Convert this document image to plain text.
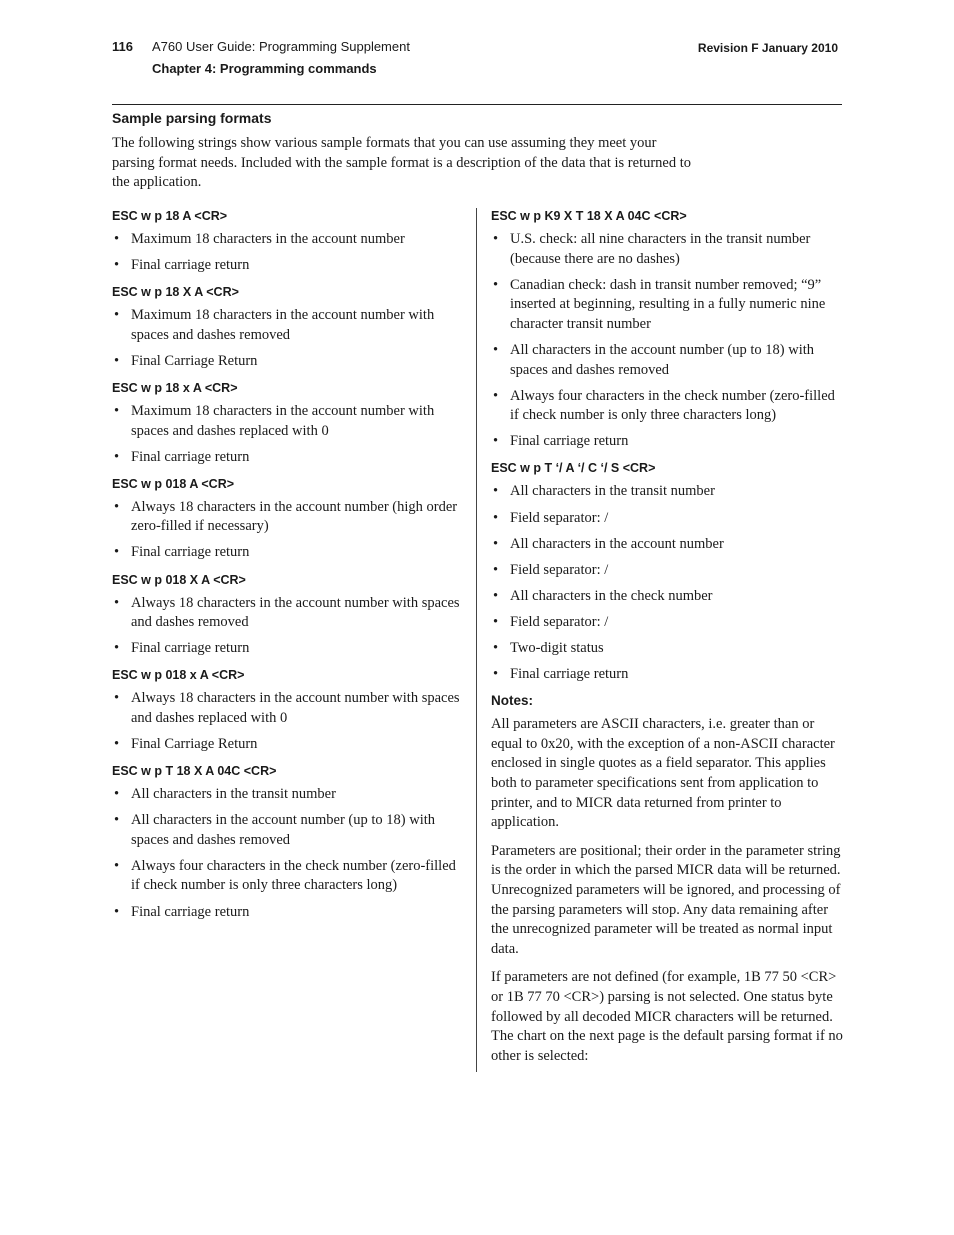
116 A760 User Guide: Programming Supplement
Chapter 4: Programming commands
Revision F January 2010
Sample parsing formats

The following strings show various sample formats that you can use assuming they meet your parsing format needs. Included with the sample format is a description of the data that is returned to the application.

ESC w p 18 A <CR>
• Maximum 18 characters in the account number
• Final carriage return
ESC w p 18 X A <CR>
• Maximum 18 characters in the account number with spaces and dashes removed
• Final Carriage Return
ESC w p 18 x A <CR>
• Maximum 18 characters in the account number with spaces and dashes replaced with 0
• Final carriage return
ESC w p 018 A <CR>
• Always 18 characters in the account number (high order zero-filled if necessary)
• Final carriage return
ESC w p 018 X A <CR>
• Always 18 characters in the account number with spaces and dashes removed
• Final carriage return
ESC w p 018 x A <CR>
• Always 18 characters in the account number with spaces and dashes replaced with 0
• Final Carriage Return
ESC w p T 18 X A 04C <CR>
• All characters in the transit number
• All characters in the account number (up to 18) with spaces and dashes removed
• Always four characters in the check number (zero-filled if check number is only three characters long)
• Final carriage return
ESC w p K9 X T 18 X A 04C <CR>
• U.S. check: all nine characters in the transit number (because there are no dashes)
• Canadian check: dash in transit number removed; “9” inserted at beginning, resulting in a fully numeric nine character transit number
• All characters in the account number (up to 18) with spaces and dashes removed
• Always four characters in the check number (zero-filled if check number is only three characters long)
• Final carriage return
ESC w p T ‘/ A ‘/ C ‘/ S <CR>
• All characters in the transit number
• Field separator: /
• All characters in the account number
• Field separator: /
• All characters in the check number
• Field separator: /
• Two-digit status
• Final carriage return
Notes:

All parameters are ASCII characters, i.e. greater than or equal to 0x20, with the exception of a non-ASCII character enclosed in single quotes as a field separator. This applies both to parameter specifications sent from application to printer, and to MICR data returned from printer to application.

Parameters are positional; their order in the parameter string is the order in which the parsed MICR data will be returned. Unrecognized parameters will be ignored, and processing of the parsing parameters will stop. Any data remaining after the unrecognized parameter will be treated as normal input data.

If parameters are not defined (for example, 1B 77 50 <CR> or 1B 77 70 <CR>) parsing is not selected. One status byte followed by all decoded MICR characters will be returned. The chart on the next page is the default parsing format if no other is selected:
